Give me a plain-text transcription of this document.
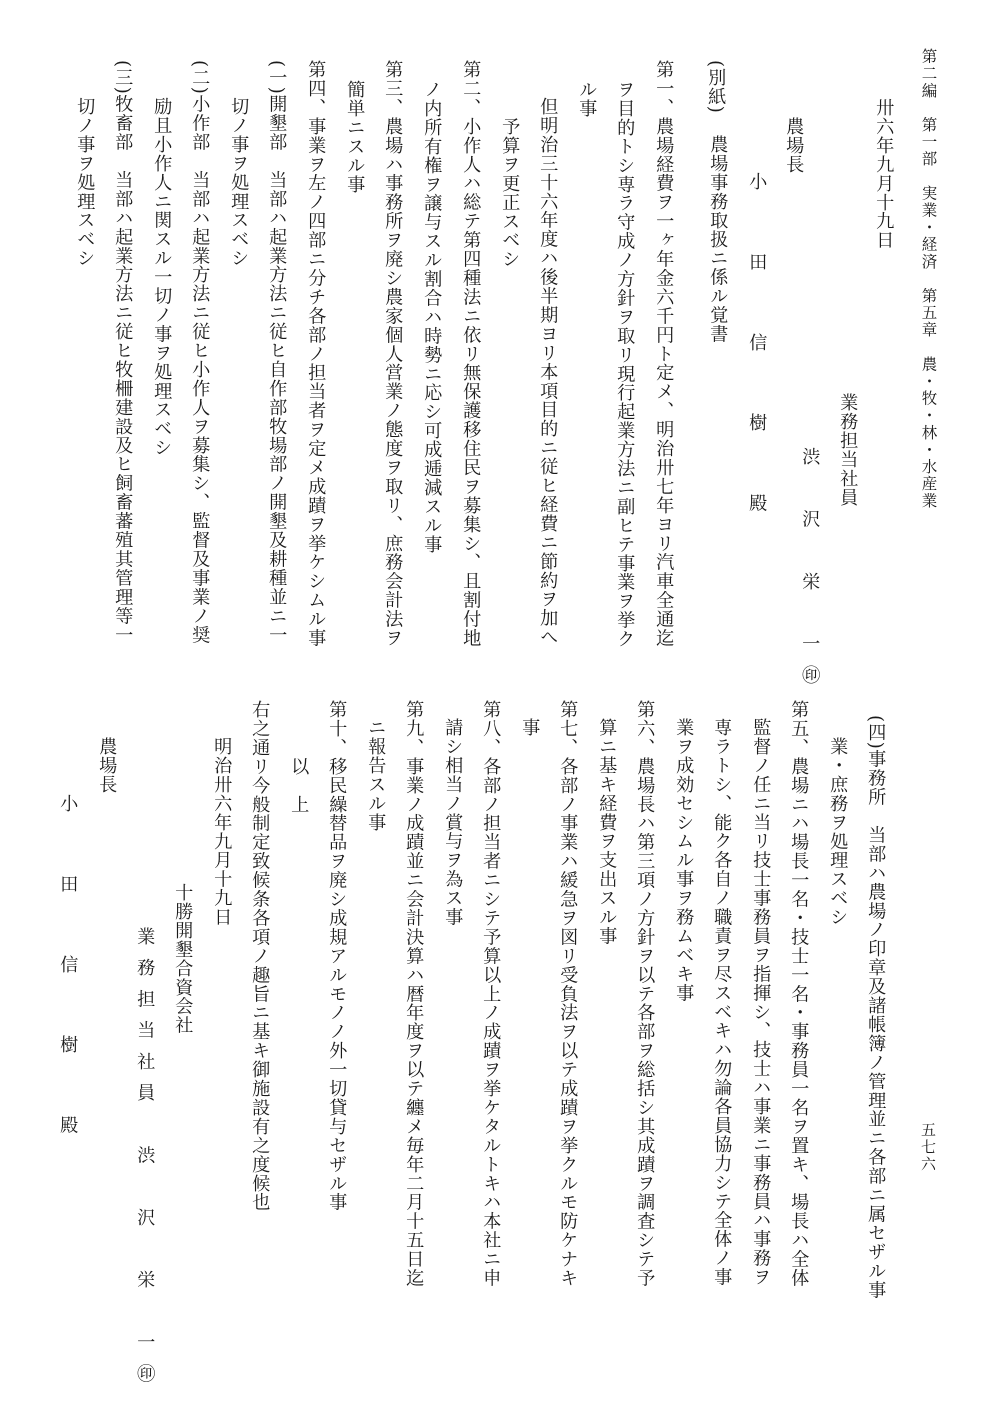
第二編　第一部　実業・経済　第五章　農・牧・林・水産業
五七六
卅六年九月十九日
業務担当社員
渋　沢　栄　一㊞
農場長
小　田　信　樹　殿
農場事務取扱ニ係ル覚書
(別紙)
第一、農場経費ヲ一ヶ年金六千円ト定メ、明治卅七年ヨリ汽車全通迄
ヲ目的トシ専ラ守成ノ方針ヲ取リ現行起業方法ニ副ヒテ事業ヲ挙ク
ル事
但明治三十六年度ハ後半期ヨリ本項目的ニ従ヒ経費ニ節約ヲ加へ
予算ヲ更正スベシ
第二、小作人ハ総テ第四種法ニ依リ無保護移住民ヲ募集シ、且割付地
ノ内所有権ヲ譲与スル割合ハ時勢ニ応シ可成逓減スル事
第三、農場ハ事務所ヲ廃シ農家個人営業ノ態度ヲ取リ、庶務会計法ヲ
簡単ニスル事
第四、事業ヲ左ノ四部ニ分チ各部ノ担当者ヲ定メ成蹟ヲ挙ケシムル事
(一)開墾部　当部ハ起業方法ニ従ヒ自作部牧場部ノ開墾及耕種並ニ一
切ノ事ヲ処理スベシ
(二)小作部　当部ハ起業方法ニ従ヒ小作人ヲ募集シ、監督及事業ノ奨
励且小作人ニ関スル一切ノ事ヲ処理スベシ
(三)牧畜部　当部ハ起業方法ニ従ヒ牧柵建設及ヒ飼畜蕃殖其管理等一
切ノ事ヲ処理スベシ
(四)事務所　当部ハ農場ノ印章及諸帳簿ノ管理並ニ各部ニ属セザル事
業・庶務ヲ処理スベシ
第五、農場ニハ場長一名・技士一名・事務員一名ヲ置キ、場長ハ全体
監督ノ任ニ当リ技士事務員ヲ指揮シ、技士ハ事業ニ事務員ハ事務ヲ
専ラトシ、能ク各自ノ職責ヲ尽スベキハ勿論各員協力シテ全体ノ事
業ヲ成効セシムル事ヲ務ムベキ事
第六、農場長ハ第三項ノ方針ヲ以テ各部ヲ総括シ其成蹟ヲ調査シテ予
算ニ基キ経費ヲ支出スル事
第七、各部ノ事業ハ緩急ヲ図リ受負法ヲ以テ成蹟ヲ挙クルモ防ケナキ
事
第八、各部ノ担当者ニシテ予算以上ノ成蹟ヲ挙ケタルトキハ本社ニ申
請シ相当ノ賞与ヲ為ス事
第九、事業ノ成蹟並ニ会計決算ハ暦年度ヲ以テ纏メ毎年二月十五日迄
ニ報告スル事
第十、移民繰替品ヲ廃シ成規アルモノノ外一切貸与セザル事
以　上
右之通リ今般制定致候条各項ノ趣旨ニ基キ御施設有之度候也
明治卅六年九月十九日
十勝開墾合資会社
業務担当社員　渋　沢　栄　一㊞
農場長
小　田　信　樹　殿
